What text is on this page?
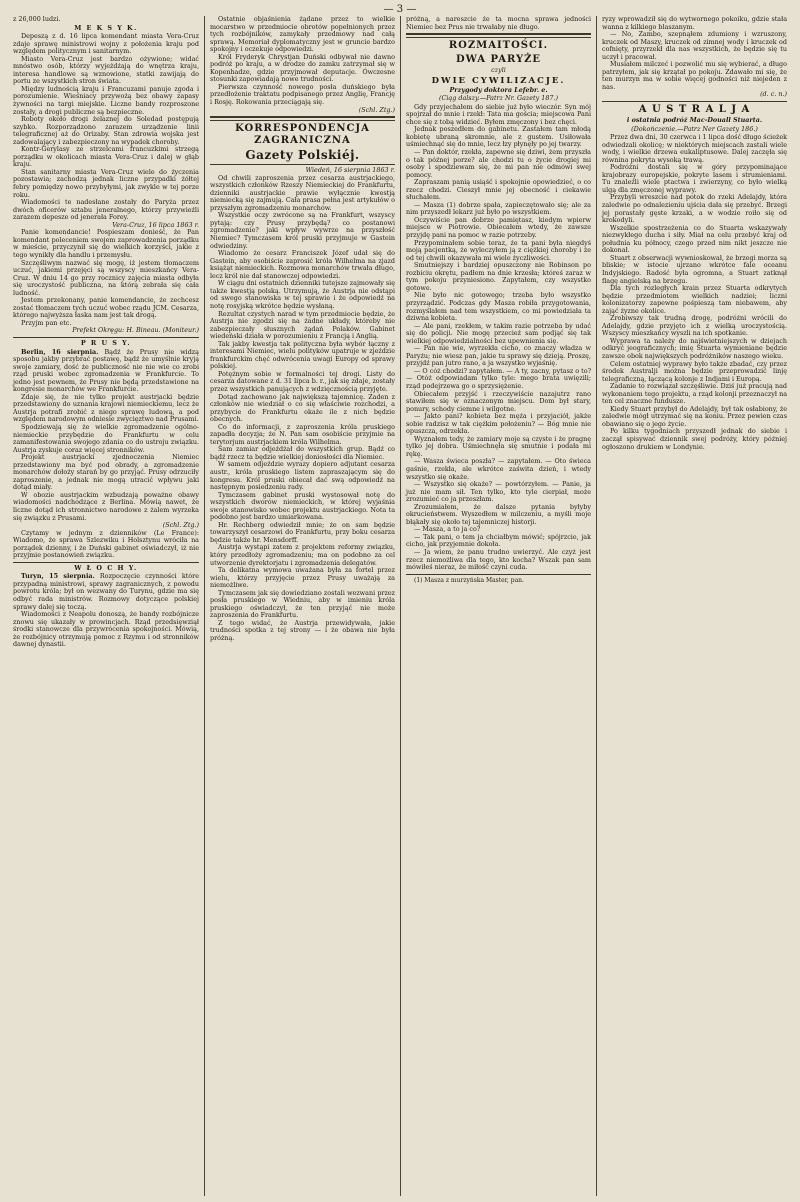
— 3 —

z 26,000 ludzi.

M E K S Y K.

Depeszą z d. 16 lipca komendant miasta Vera-Cruz zdaje sprawę ministrowi wojny z położenia kraju pod względem politycznym i sanitarnym.

Miasto Vera-Cruz jest bardzo ożywione; widać mnóstwo osób, którzy wyjeżdżają do wnętrza kraju, interesa handlowe są wznowione, statki zawijają do portu ze wszystkich stron świata.

Między ludnością kraju i Francuzami panuje zgoda i porozumienie. Wieśniacy przywożą bez obawy zapasy żywności na targi miejskie. Liczne bandy rozproszone zostały, a drogi publiczne są bezpieczne.

Roboty około drogi żelaznej do Soledad postępują szybko. Rozporządzono zarazem urządzenie linii telegraficznej aż do Orizaby. Stan zdrowia wojska jest zadowalający i zabezpieczony na wypadek choroby.

Kontr-Gerylasy ze strzelcami francuzkimi strzegą porządku w okolicach miasta Vera-Cruz i dalej w głąb kraju.

Stan sanitarny miasta Vera-Cruz wiele do życzenia pozostawia; zachodzą jednak liczne przypadki żółtej febry pomiędzy nowo przybyłymi, jak zwykle w tej porze roku.

Wiadomości te nadesłane zostały do Paryża przez dwóch oficerów sztabu jeneralnego, którzy przywieźli zarazem depesze od jenerała Forey.

Vera-Cruz, 16 lipca 1863 r.

Panie komendancie! Pospieszam donieść, że Pan komendant poleceniem swojem zaprowadzenia porządku w mieście, przyczynił się do wielkich korzyści, jakie z tego wynikły dla handlu i przemysłu.

Szczęśliwym nazwać się mogę, iż jestem tłomaczem uczuć, jakiemi przejęci są wszyscy mieszkańcy Vera-Cruz. W dniu 14 go przy rocznicy zajęcia miasta odbyła się uroczystość publiczna, na którą zebrała się cała ludność.

Jestem przekonany, panie komendancie, że zechcesz zostać tłomaczem tych uczuć wobec rządu JCM. Cesarza, którego najwyższa łaska nam jest tak drogą.

Przyjm pan etc.

Prefekt Okręgu: H. Bineau. (Moniteur.)

P R U S Y.

Berlin, 16 sierpnia. Bądź że Prusy nie widzą sposobu jakby przybrać postawę, bądź że umyślnie kryją swoje zamiary, dość że publiczność nie nie wie co zrobi rząd pruski wobec zgromadzenia w Frankfurcie. To jedno jest pewnem, że Prusy nie będą przedstawione na kongresie monarchów we Frankfurcie.

Zdaje się, że nie tylko projekt austrjacki będzie przedstawiony do uznania krajowi niemieckiemu, lecz że Austrja potrafi zrobić z niego sprawę ludową, a pod względem narodowym odniesie zwycięztwo nad Prusami.

Spodziewają się że wielkie zgromadzenie ogólno-niemieckie przybędzie do Frankfurtu w celu zamanifestowania swojego zdania co do ustroju związku. Austrja zyskuje coraz więcej stronników.

Projekt austrjacki zjednoczenia Niemiec przedstawiony ma być pod obrady, a zgromadzenie monarchów dołoży starań by go przyjąć. Prusy odrzuciły zaproszenie, a jednak nie mogą utracić wpływu jaki dotąd miały.

W obozie austrjackim wzbudzają poważne obawy wiadomości nadchodzące z Berlina. Mówią nawet, że liczne dotąd ich stronnictwo narodowe z żalem wyrzeka się związku z Prusami.

(Schl. Ztg.)

Czytamy w jednym z dzienników (Le France): Wiadomo, że sprawa Szlezwiku i Holsztynu wróciła na porządek dzienny, i że Duński gabinet oświadczył, iż nie przyjmie postanowień związku.

W Ł O C H Y.

Turyn, 15 sierpnia. Rozpoczęcie czynności które przypadną ministrowi, sprawy zagranicznych, z powodu powrotu króla; był on wezwany do Turynu, gdzie ma się odbyć rada ministrów. Rozmowy dotyczące polskiej sprawy dalej się toczą.

Wiadomości z Neapolu donoszą, że bandy rozbójnicze znowu się ukazały w prowincjach. Rząd przedsięwziął środki stanowcze dla przywrócenia spokojności. Mówią, że rozbójnicy otrzymują pomoc z Rzymu i od stronników dawnej dynastii.

Ostatnie objaśnienia żądane przez to wielkie mocarstwo w przedmiocie obrotów popełnionych przez tych rozbójników, zamykały przedmowy nad całą sprawą. Memoriał dyplomatyczny jest w gruncie bardzo spokojny i oczekuje odpowiedzi.

Król Fryderyk Chrystjan Duński odbywał nie dawno podróż po kraju, a w drodze do zamku zatrzymał się w Kopenhadze, gdzie przyjmował deputacje. Ówczesne stosunki zapowiadają nowe trudności.

Pierwsza czynność nowego posła duńskiego była przedłożenie traktatu podpisanego przez Anglię, Francję i Rosję. Rokowania przeciągają się.

(Schl. Ztg.)

KORRESPONDENCJA ZAGRANICZNA

Gazety Polskiéj.

Wiedeń, 16 sierpnia 1863 r.

Od chwili zaproszenia przez cesarza austrjackiego, wszystkich członków Rzeszy Niemieckiej do Frankfurtu, dzienniki austrjackie prawie wyłącznie kwestją niemiecką się zajmują. Cała prasa pełna jest artykułów o przyszłym zgromadzeniu monarchów.

Wszystkie oczy zwrócone są na Frankfurt, wszyscy pytają: czy Prusy przybędą? co postanowi zgromadzenie? jaki wpływ wywrze na przyszłość Niemiec? Tymczasem król pruski przyjmuje w Gastein odwiedziny.

Wiadomo że cesarz Franciszek Józef udał się do Gastein, aby osobiście zaprosić króla Wilhelma na zjazd książąt niemieckich. Rozmowa monarchów trwała długo, lecz król nie dał stanowczej odpowiedzi.

W ciągu dni ostatnich dzienniki tutejsze zajmowały się także kwestją polską. Utrzymują, że Austrja nie odstąpi od swego stanowiska w tej sprawie i że odpowiedź na notę rosyjską wkrótce będzie wysłaną.

Rezultat czystych narad w tym przedmiocie będzie, że Austrja nie zgodzi się na żadne układy, któreby nie zabezpieczały słusznych żądań Polaków. Gabinet wiedeński działa w porozumieniu z Francją i Anglią.

Tak jakby kwestja tak polityczna była wybór łączny z interesami Niemiec, wielu polityków upatruje w zjeździe frankfurckim chęć odwrócenia uwagi Europy od sprawy polskiej.

Potężnym sobie w formalności tej drogi. Listy do cesarza datowane z d. 31 lipca b. r., jak się zdaje, zostały przez wszystkich panujących z wdzięcznością przyjęte.

Dotąd zachowano jak największą tajemnicę. Zaden z członków nie wiedział o co się właściwie rozchodzi, a przybycie do Frankfurtu okaże ile z nich będzie obecnych.

Co do informacji, z zaproszenia króla pruskiego zapadła decyzja; że N. Pan sam osobiście przyjmie na terytorjum austrjackiem króla Wilhelma.

Sam zamiar odjeżdżał do wszystkich grup. Bądź co bądź rzecz ta będzie wielkiej doniosłości dla Niemiec.

W samem odjeździe wyrazy dopiero adjutant cesarza austr., króla pruskiego listem zapraszającym się do kongresu. Król pruski obiecał dać swą odpowiedź na następnym posiedzeniu rady.

Tymczasem gabinet pruski wystosował notę do wszystkich dworów niemieckich, w której wyjaśnia swoje stanowisko wobec projektu austrjackiego. Nota ta podobno jest bardzo umiarkowana.

Hr. Rechberg odwiedził mnie; że on sam będzie towarzyszył cesarzowi do Frankfurtu, przy boku cesarza będzie także hr. Mensdorff.

Austrja wystąpi zatem z projektem reformy związku, który przedłoży zgromadzeniu; ma on podobno za cel utworzenie dyrektorjatu i zgromadzenia delegatów.

Ta delikatna wymowa uważana była za fortel przez wielu, którzy przyjęcie przez Prusy uważają za niemożliwe.

Tymczasem jak się dowiedziano zostali wezwani przez posła pruskiego w Wiedniu, aby w imieniu króla pruskiego oświadczył, że ten przyjąć nie może zaproszenia do Frankfurtu.

Z tego widać, że Austrja przewidywała, jakie trudności spotka z tej strony — i że obawa nie była próżną.

próżną, a nareszcie że ta mocna sprawa jedności Niemiec bez Prus nie trwałaby nie długo.

ROZMAITOŚCI.

DWA PARYŻE

czyli

DWIE CYWILIZACJE.

Przygody doktora Lefebr. e.

(Ciąg dalszy.—Patrz Nr. Gazety 187.)

Gdy przyjechałem do siebie już było wieczór. Syn mój spojrzał do mnie i rzekł: Tata ma gościa; miejscowa Pani chce się z tobą widzieć. Byłem zmęczony i bez chęci.

Jednak poszedłem do gabinetu. Zastałem tam młodą kobietę ubraną skromnie, ale z gustem. Usiłowała uśmiechnąć się do mnie, lecz łzy płynęły po jej twarzy.

— Pan doktór, rzekła, zapewne się dziwi, żem przyszła o tak późnej porze? ale chodzi tu o życie drogiej mi osoby i spodziewam się, że mi pan nie odmówi swej pomocy.

Zapraszam panią usiąść i spokojnie opowiedzieć, o co rzecz chodzi. Cieszył mnie jej obecność i ciekawie słuchałem.

— Masza (1) dobrze spała, zapieczętowało się; ale za nim przyszedł lekarz już było po wszystkiem.

Oczywiście pan dobrze pamiętasz, kiedym wpierw miejsce w Piotrowie. Obiecałem wtedy, że zawsze przyjdę pani na pomoc w razie potrzeby.

Przypominałem sobie teraz, że ta pani była niegdyś moją pacjentką, że wyleczyłem ją z ciężkiej choroby i że od tej chwili okazywała mi wiele życzliwości.

Smutniejszy i bardziej opuszczony nie Robinson po rozbiciu okrętu, padłem na dnie krzesła; któreś zaraz w tym pokoju przyniesiono. Zapytałem, czy wszystko gotowe.

Nie było nic gotowego; trzeba było wszystko przyrządzić. Podczas gdy Masza robiła przygotowania, rozmyślałem nad tem wszystkiem, co mi powiedziała ta dziwna kobieta.

— Ale pani, rzekłem, w takim razie potrzeba by udać się do policji. Nie mogę przecież sam podjąć się tak wielkiej odpowiedzialności bez upewnienia się.

— Pan nie wie, wyrzekła cicho, co znaczy władza w Paryżu; nie wiesz pan, jakie tu sprawy się dzieją. Proszę, przyjdź pan jutro rano, a ja wszystko wyjaśnię.

— O cóż chodzi? zapytałem. — A ty, zacny, pytasz o to? — Otóż odpowiadam tylko tyle: mego brata uwięzili; rząd podejrzewa go o sprzysiężenie.

Obiecałem przyjść i rzeczywiście nazajutrz rano stawiłem się w oznaczonym miejscu. Dom był stary, ponury, schody ciemne i wilgotne.

— Jakto pani? kobieta bez męża i przyjaciół, jakże sobie radzisz w tak ciężkim położeniu? — Bóg mnie nie opuszcza, odrzekła.

Wyznałem tedy, że zamiary moje są czyste i że pragnę tylko jej dobra. Uśmiechnęła się smutnie i podała mi rękę.

— Wasza świeca poszła? — zapytałem. — Oto świeca gaśnie, rzekła, ale wkrótce zaświta dzień, i wtedy wszystko się okaże.

— Wszystko się okaże? — powtórzyłem. — Panie, ja już nie mam sił. Ten tylko, kto tyle cierpiał, może zrozumieć co ja przeszłam.

Zrozumiałem, że dalsze pytania byłyby okrucieństwem. Wyszedłem w milczeniu, a myśli moje błąkały się około tej tajemniczej historji.

— Masza, a to ja co?

— Tak pani, o tem ja chciałbym mówić; spójrzcie, jak cicho, jak przyjemnie dokoła.

— Ja wiem, że panu trudno uwierzyć. Ale czyż jest rzecz niemożliwa dla tego, kto kocha? Wszak pan sam mówiłeś nieraz, że miłość czyni cuda.

(1) Masza z murzyńska Master, pan.

ryzy wprowadził się do wytwornego pokoiku, gdzie stała wanna z kilkiego blaszanym.

— No, Zambo, szepnąłem zdumiony i wzruszony, kruczek od Maszy, kruczek od zimnej wody i kruczek od cofnięty, przyrzekł dla nas wszystkich, że będzie się tu uczył i pracował.

Musiałem milczeć i pozwolić mu się wybierać, a długo patrzyłem, jak się krzątał po pokoju. Zdawało mi się, że ten murzyn ma w sobie więcej godności niż niejeden z nas.

(d. c. n.)

A U S T R A L J A

i ostatnia podróż Mac-Douall Stuarta.

(Dokończenie.—Patrz Ner Gazety 186.)

Przez dwa dni, 30 czerwca i 1 lipca dość długo ścieżek odwiedzali okolicę; w niektórych miejscach zastali wiele wody, i wielkie drzewa eukaliptusowe. Dalej zaczęła się równina pokryta wysoką trawą.

Podróżni dostali się w góry przypominające krajobrazy europejskie, pokryte lasem i strumieniami. Tu znaleźli wiele ptactwa i zwierzyny, co było wielką ulgą dla zmęczonej wyprawy.

Przybyli wreszcie nad potok do rzeki Adelajdy, która zaledwie po odnalezieniu ujścia dała się przebyć. Brzegi jej porastały gęste krzaki, a w wodzie roiło się od krokodyli.

Wszelkie spostrzeżenia co do Stuarta wskazywały niezwykłego ducha i siły. Miał na celu przebyć kraj od południa ku północy, czego przed nim nikt jeszcze nie dokonał.

Stuart z obserwacji wywnioskował, że brzegi morza są bliskie; w istocie ujrzano wkrótce fale oceanu Indyjskiego. Radość była ogromna, a Stuart zatknął flagę angielską na brzegu.

Dla tych rozległych krain przez Stuarta odkrytych będzie przedmiotem wielkich nadziei; liczni kolonizatorzy zapewne pośpieszą tam niebawem, aby zająć żyzne okolice.

Zrobiwszy tak trudną drogę, podróżni wrócili do Adelajdy, gdzie przyjęto ich z wielką uroczystością. Wszyscy mieszkańcy wyszli na ich spotkanie.

Wyprawa ta należy do najświetniejszych w dziejach odkryć jeograficznych; imię Stuarta wymieniane będzie zawsze obok największych podróżników naszego wieku.

Celem ostatniej wyprawy było także zbadać, czy przez środek Australji można będzie przeprowadzić linję telegraficzną, łączącą kolonje z Indjami i Europą.

Zadanie to rozwiązał szczęśliwie. Dziś już pracują nad wykonaniem tego projektu, a rząd kolonji przeznaczył na ten cel znaczne fundusze.

Kiedy Stuart przybył do Adelajdy, był tak osłabiony, że zaledwie mógł utrzymać się na koniu. Przez pewien czas obawiano się o jego życie.

Po kilku tygodniach przyszedł jednak do siebie i zaczął spisywać dziennik swej podróży, który później ogłoszono drukiem w Londynie.
